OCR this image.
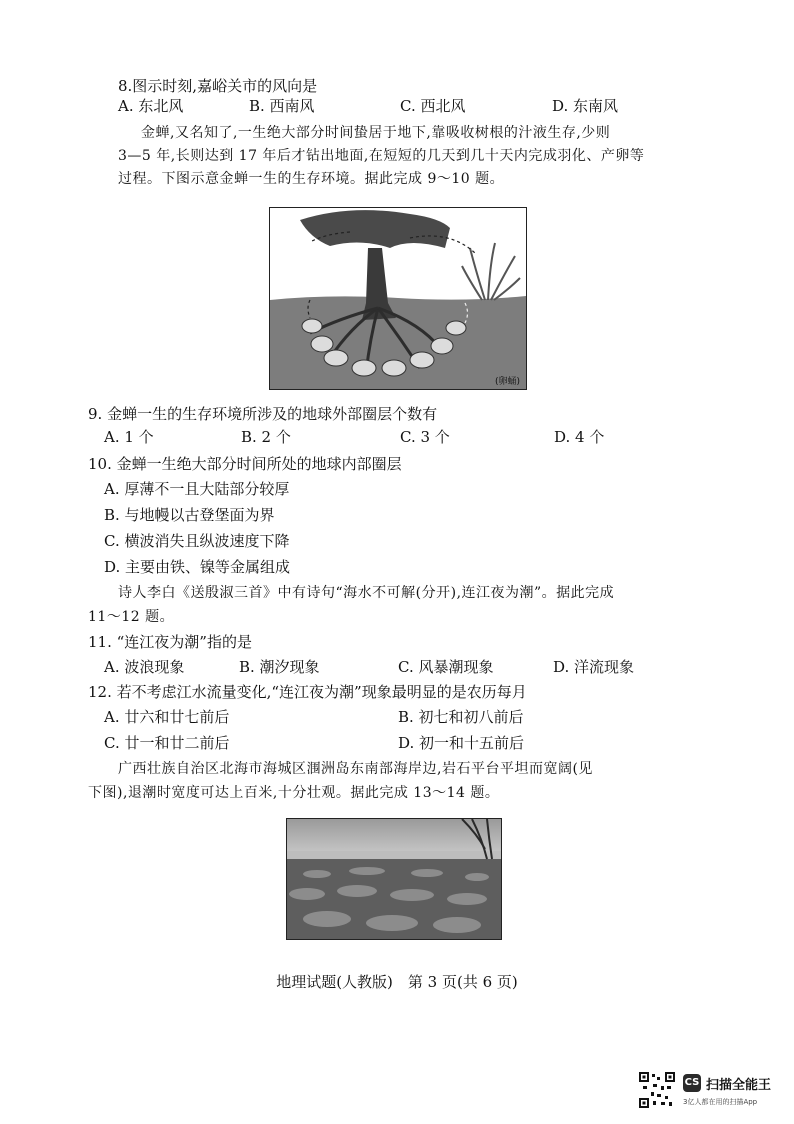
8.图示时刻,嘉峪关市的风向是
A. 东北风	B. 西南风	C. 西北风	D. 东南风
金蝉,又名知了,一生绝大部分时间蛰居于地下,靠吸收树根的汁液生存,少则
3—5 年,长则达到 17 年后才钻出地面,在短短的几天到几十天内完成羽化、产卵等
过程。下图示意金蝉一生的生存环境。据此完成 9～10 题。
(卵蛹)
9. 金蝉一生的生存环境所涉及的地球外部圈层个数有
A. 1 个	B. 2 个	C. 3 个	D. 4 个
10. 金蝉一生绝大部分时间所处的地球内部圈层
A. 厚薄不一且大陆部分较厚
B. 与地幔以古登堡面为界
C. 横波消失且纵波速度下降
D. 主要由铁、镍等金属组成
诗人李白《送殷淑三首》中有诗句“海水不可解(分开),连江夜为潮”。据此完成
11～12 题。
11. “连江夜为潮”指的是
A. 波浪现象	B. 潮汐现象	C. 风暴潮现象	D. 洋流现象
12. 若不考虑江水流量变化,“连江夜为潮”现象最明显的是农历每月
A. 廿六和廿七前后	B. 初七和初八前后
C. 廿一和廿二前后	D. 初一和十五前后
广西壮族自治区北海市海城区涠洲岛东南部海岸边,岩石平台平坦而宽阔(见
下图),退潮时宽度可达上百米,十分壮观。据此完成 13～14 题。
地理试题(人教版)　第 3 页(共 6 页)
CS 扫描全能王
3亿人都在用的扫描App
